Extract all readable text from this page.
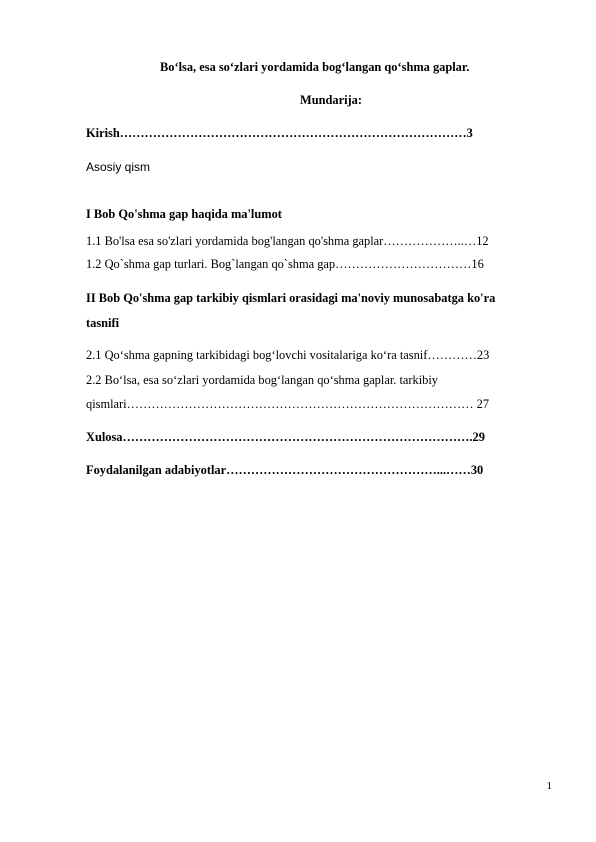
Bo‘lsa, esa so‘zlari yordamida bog‘langan qo‘shma gaplar.
Mundarija:
Kirish…………………………………………………………………………3
Asosiy qism
I Bob Qo'shma gap haqida ma'lumot
1.1 Bo'lsa esa so'zlari yordamida bog'langan qo'shma gaplar………………..…12
1.2 Qo`shma gap turlari. Bog`langan qo`shma gap……………………………16
II Bob Qo'shma gap tarkibiy qismlari orasidagi ma'noviy munosabatga ko'ra
tasnifi
2.1 Qo‘shma gapning tarkibidagi bog‘lovchi vositalariga ko‘ra tasnif…………23
2.2 Bo‘lsa, esa so‘zlari yordamida bog‘langan qo‘shma gaplar. tarkibiy
qismlari………………………………………………………………………… 27
Xulosa………………………………………………………………………….29
Foydalanilgan adabiyotlar……………………………………………...……30
1
